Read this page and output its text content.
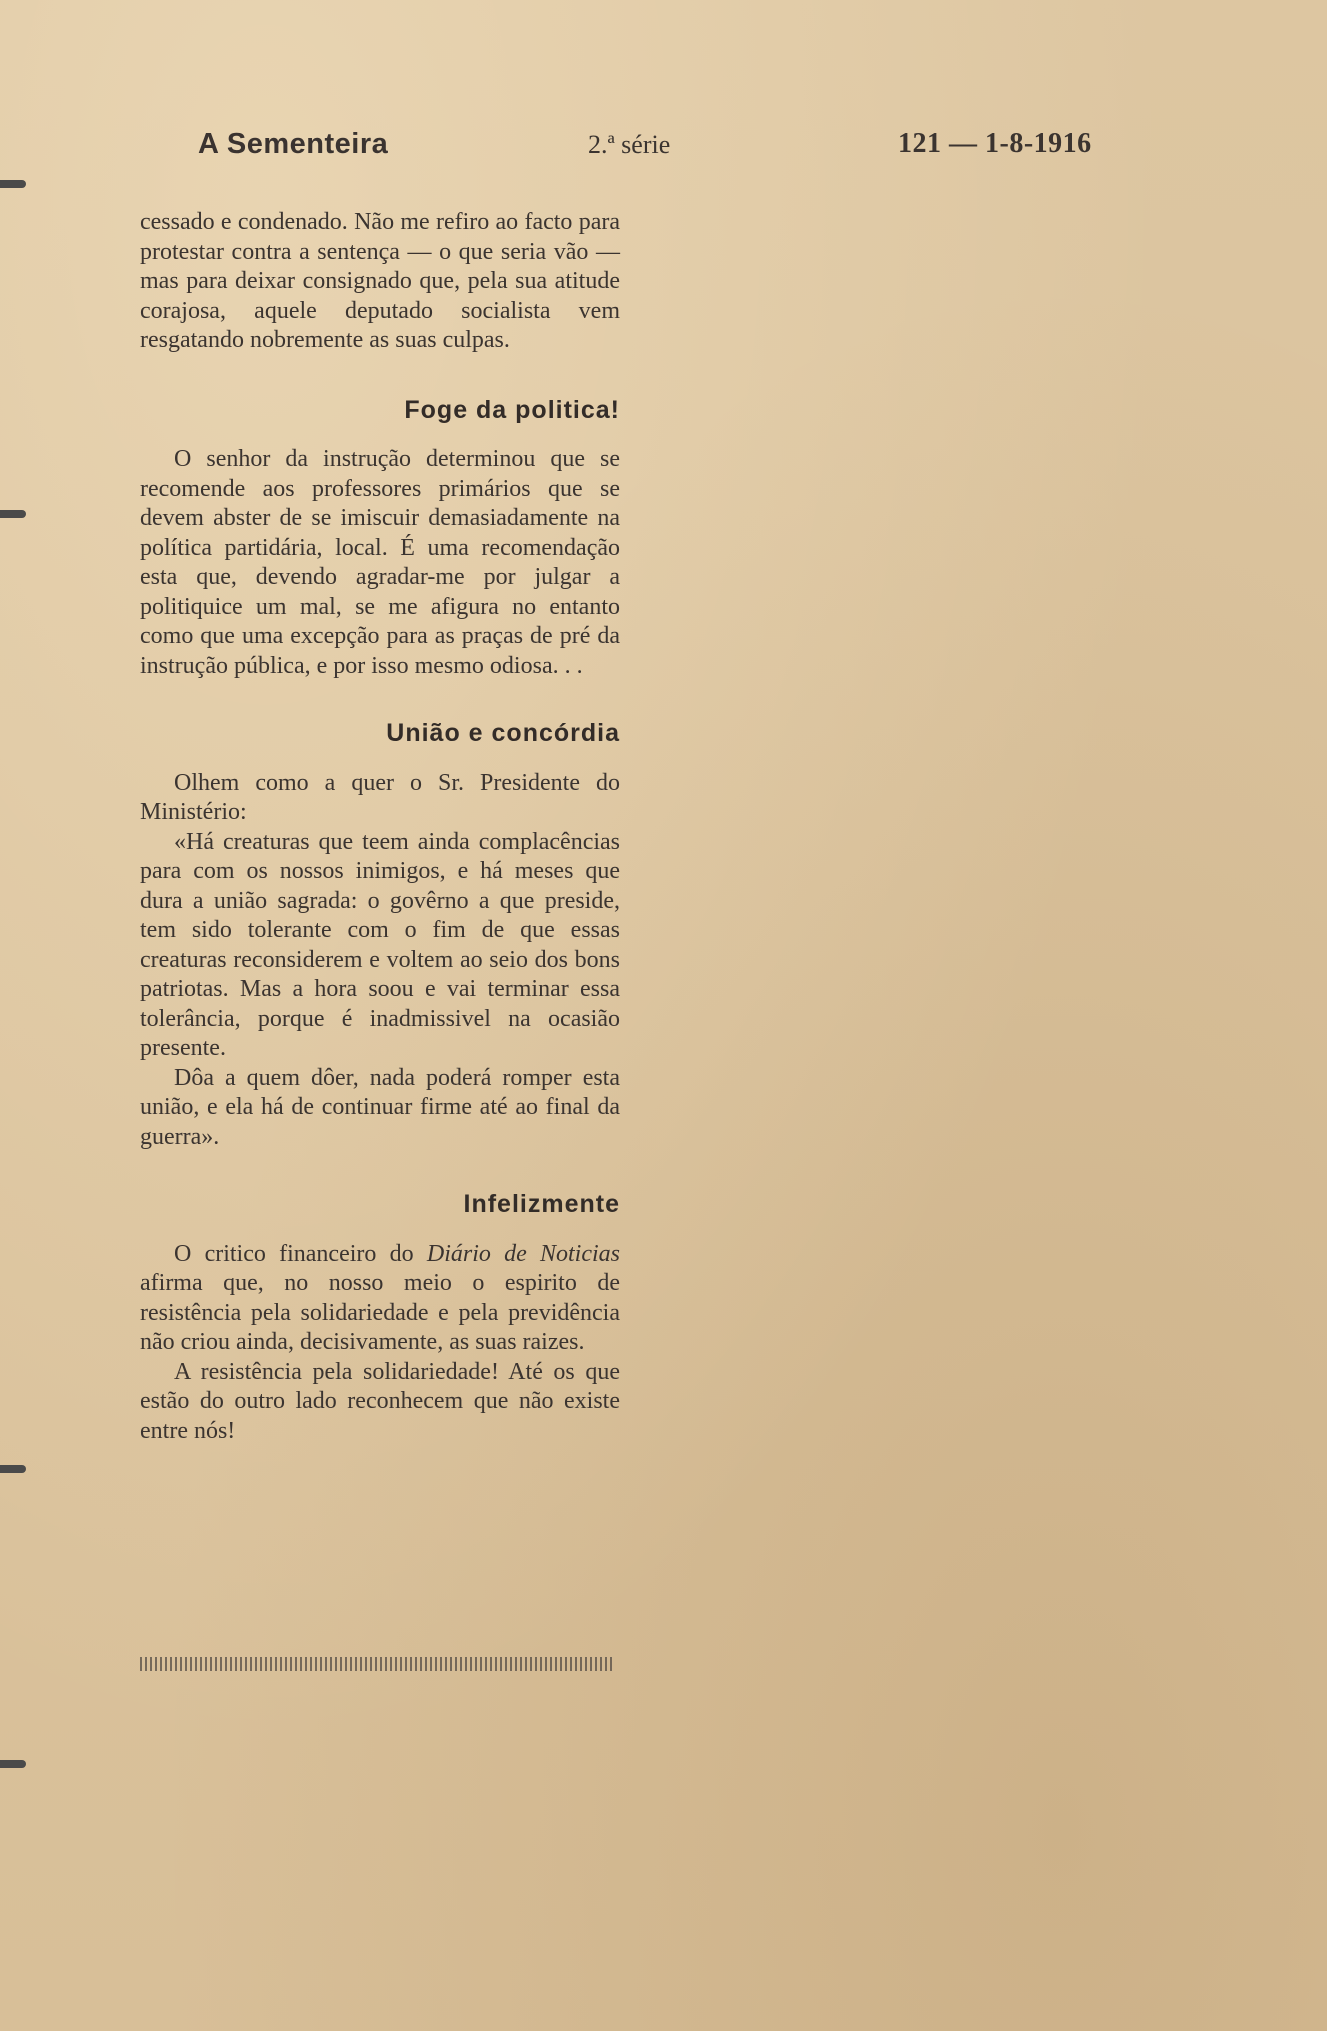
A Sementeira	2.ª série	121 — 1-8-1916

cessado e condenado. Não me refiro ao facto para protestar contra a sentença — o que seria vão — mas para deixar consignado que, pela sua atitude corajosa, aquele deputado socialista vem resgatando nobremente as suas culpas.

Foge da politica!

O senhor da instrução determinou que se recomende aos professores primários que se devem abster de se imiscuir demasiadamente na política partidária, local. É uma recomendação esta que, devendo agradar-me por julgar a politiquice um mal, se me afigura no entanto como que uma excepção para as praças de pré da instrução pública, e por isso mesmo odiosa. . .

União e concórdia

Olhem como a quer o Sr. Presidente do Ministério:

«Há creaturas que teem ainda complacências para com os nossos inimigos, e há meses que dura a união sagrada: o govêrno a que preside, tem sido tolerante com o fim de que essas creaturas reconsiderem e voltem ao seio dos bons patriotas. Mas a hora soou e vai terminar essa tolerância, porque é inadmissivel na ocasião presente.

Dôa a quem dôer, nada poderá romper esta união, e ela há de continuar firme até ao final da guerra».

Infelizmente

O critico financeiro do Diário de Noticias afirma que, no nosso meio o espirito de resistência pela solidariedade e pela previdência não criou ainda, decisivamente, as suas raizes.

A resistência pela solidariedade! Até os que estão do outro lado reconhecem que não existe entre nós!
